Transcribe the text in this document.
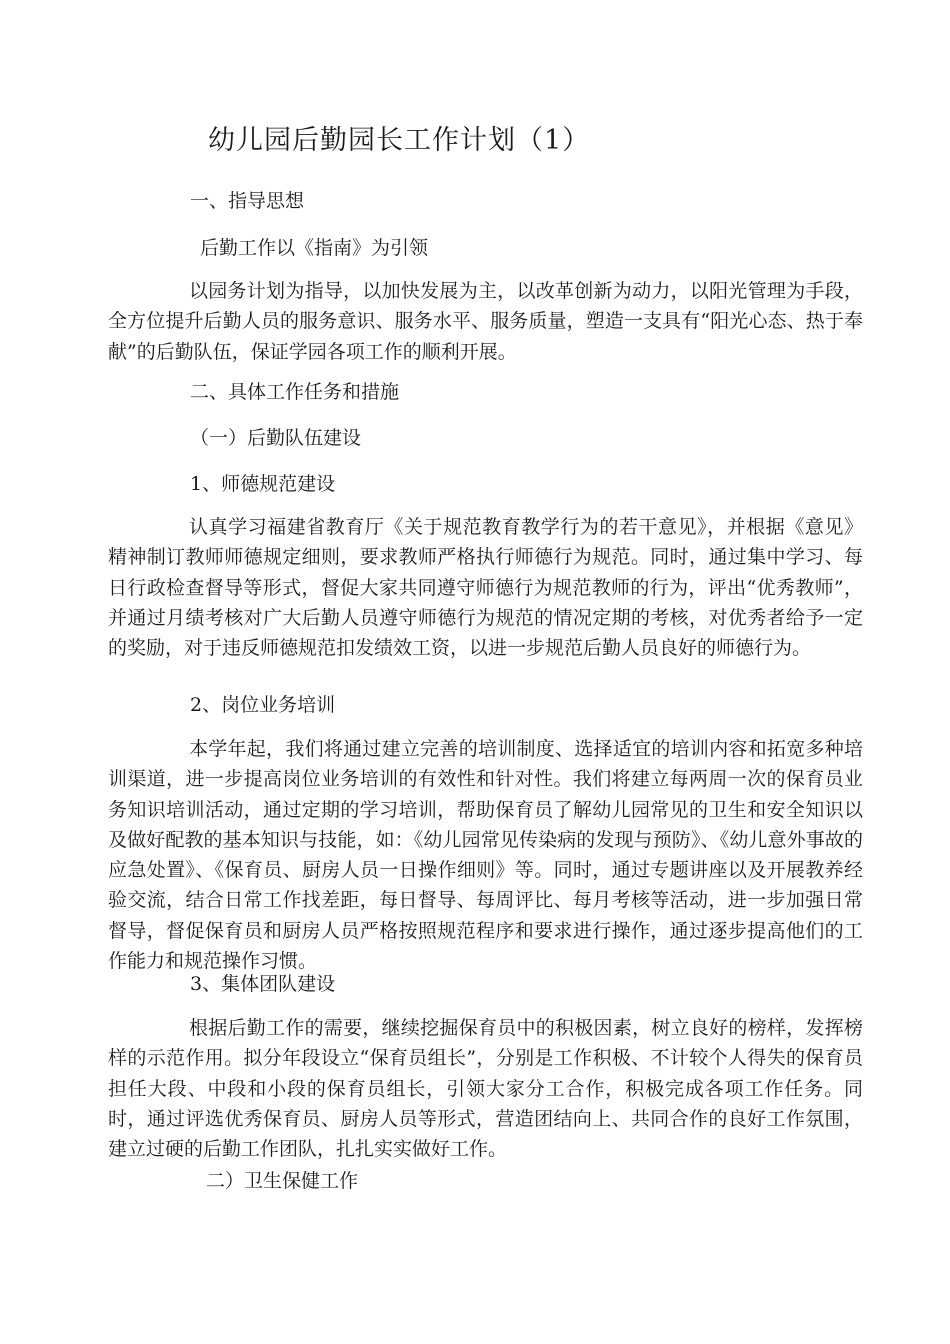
幼儿园后勤园长工作计划（1）
一、指导思想
后勤工作以《指南》为引领

以园务计划为指导，以加快发展为主，以改革创新为动力，以阳光管理为手段，全方位提升后勤人员的服务意识、服务水平、服务质量，塑造一支具有“阳光心态、热于奉献”的后勤队伍，保证学园各项工作的顺利开展。

二、具体工作任务和措施
（一）后勤队伍建设
1、师德规范建设

认真学习福建省教育厅《关于规范教育教学行为的若干意见》，并根据《意见》精神制订教师师德规定细则，要求教师严格执行师德行为规范。同时，通过集中学习、每日行政检查督导等形式，督促大家共同遵守师德行为规范教师的行为，评出“优秀教师”，并通过月绩考核对广大后勤人员遵守师德行为规范的情况定期的考核，对优秀者给予一定的奖励，对于违反师德规范扣发绩效工资，以进一步规范后勤人员良好的师德行为。

2、岗位业务培训

本学年起，我们将通过建立完善的培训制度、选择适宜的培训内容和拓宽多种培训渠道，进一步提高岗位业务培训的有效性和针对性。我们将建立每两周一次的保育员业务知识培训活动，通过定期的学习培训，帮助保育员了解幼儿园常见的卫生和安全知识以及做好配教的基本知识与技能，如：《幼儿园常见传染病的发现与预防》、《幼儿意外事故的应急处置》、《保育员、厨房人员一日操作细则》等。同时，通过专题讲座以及开展教养经验交流，结合日常工作找差距，每日督导、每周评比、每月考核等活动，进一步加强日常督导，督促保育员和厨房人员严格按照规范程序和要求进行操作，通过逐步提高他们的工作能力和规范操作习惯。

3、集体团队建设

根据后勤工作的需要，继续挖掘保育员中的积极因素，树立良好的榜样，发挥榜样的示范作用。拟分年段设立“保育员组长”，分别是工作积极、不计较个人得失的保育员担任大段、中段和小段的保育员组长，引领大家分工合作，积极完成各项工作任务。同时，通过评选优秀保育员、厨房人员等形式，营造团结向上、共同合作的良好工作氛围，建立过硬的后勤工作团队，扎扎实实做好工作。

二）卫生保健工作
